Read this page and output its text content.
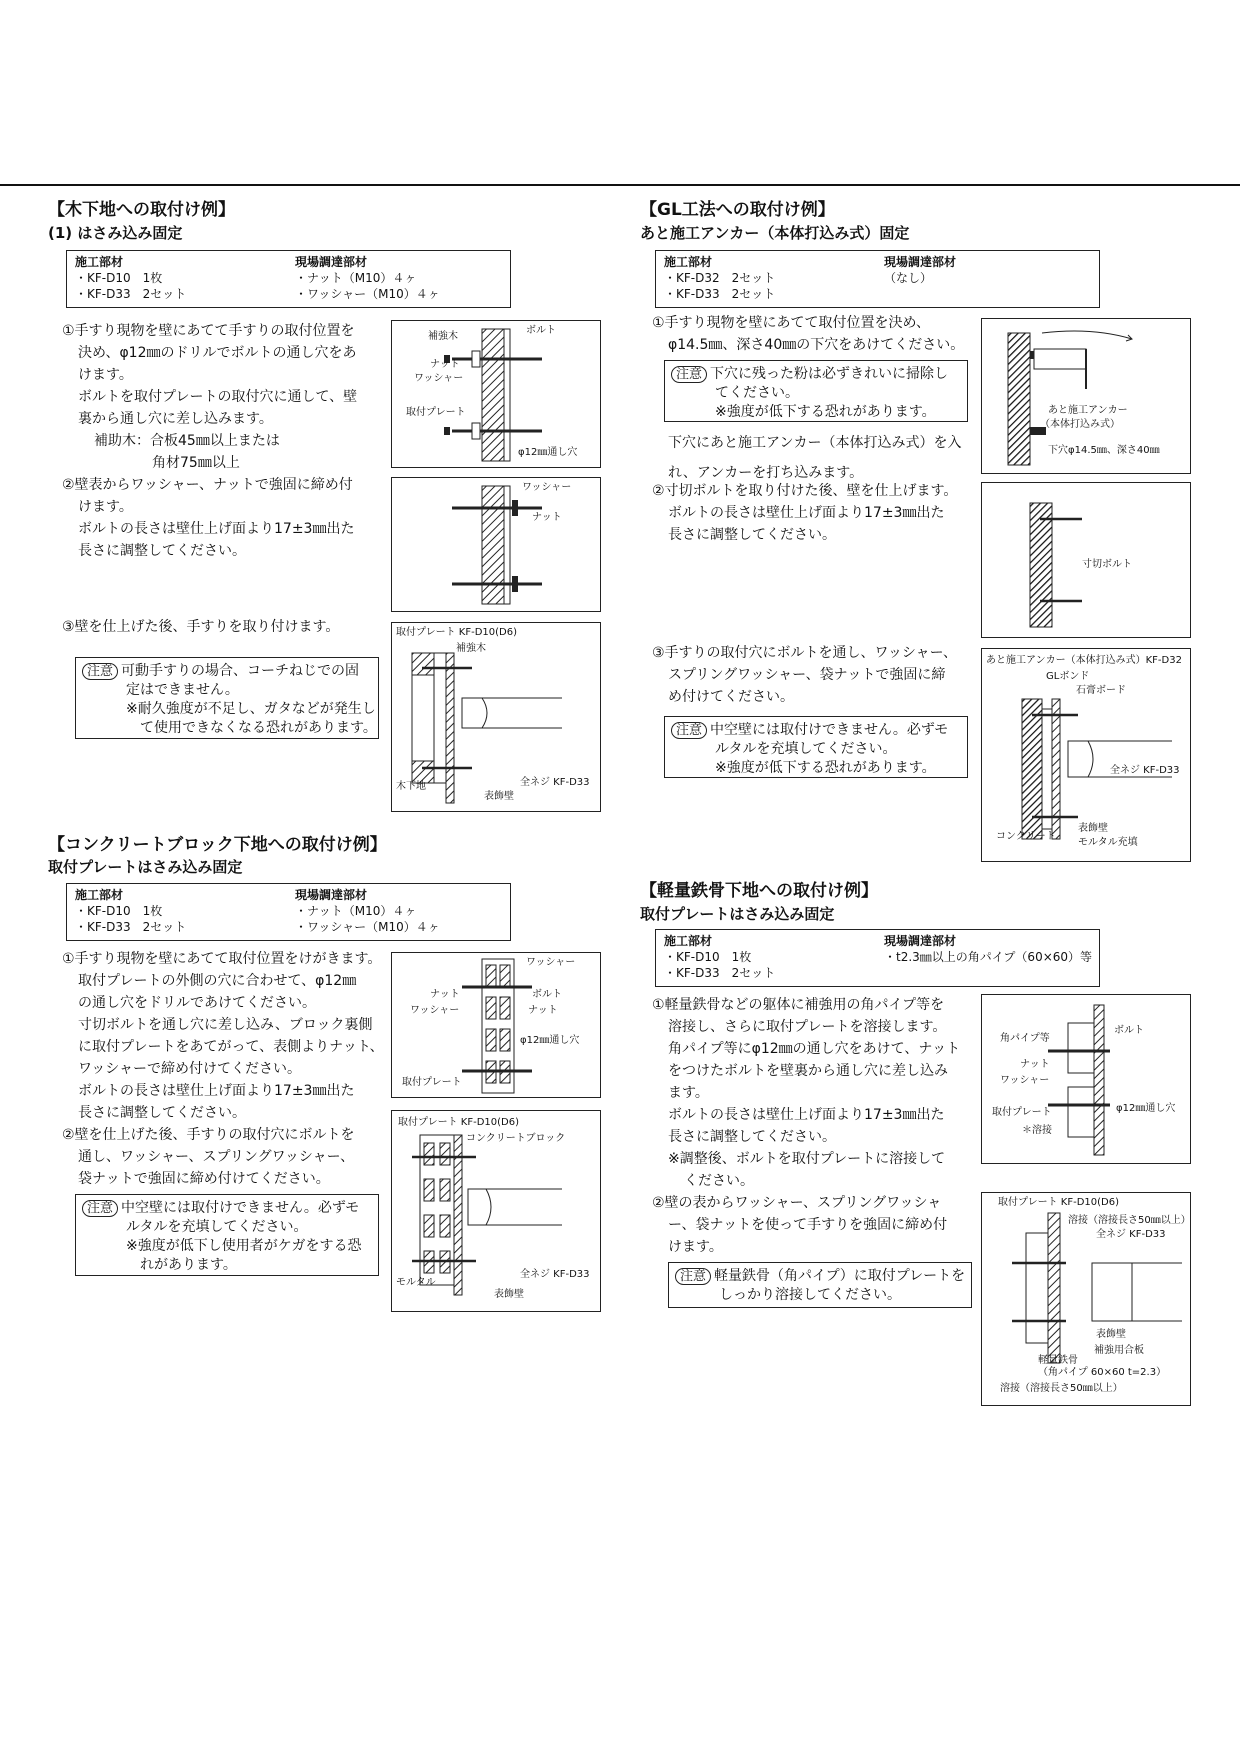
【木下地への取付け例】
(1) はさみ込み固定
施工部材
・KF-D10　1枚
・KF-D33　2セット
現場調達部材
・ナット（M10）４ヶ
・ワッシャー（M10）４ヶ

①手すり現物を壁にあてて手すりの取付位置を

決め、φ12㎜のドリルでボルトの通し穴をあ

けます。

ボルトを取付プレートの取付穴に通して、壁

裏から通し穴に差し込みます。

補助木：合板45㎜以上または

角材75㎜以上

②壁表からワッシャー、ナットで強固に締め付

けます。

ボルトの長さは壁仕上げ面より17±3㎜出た

長さに調整してください。

③壁を仕上げた後、手すりを取り付けます。

注意 可動手すりの場合、コーチねじでの固

定はできません。

※耐久強度が不足し、ガタなどが発生し

て使用できなくなる恐れがあります。

補強木
ボルト
ナット
ワッシャー
取付プレート
φ12㎜通し穴
ワッシャー
ナット
取付プレート KF-D10(D6)
補強木
全ネジ KF-D33
木下地
表飾壁
【GL工法への取付け例】
あと施工アンカー（本体打込み式）固定
施工部材
・KF-D32　2セット
・KF-D33　2セット
現場調達部材
（なし）

①手すり現物を壁にあてて取付位置を決め、

φ14.5㎜、深さ40㎜の下穴をあけてください。

注意 下穴に残った粉は必ずきれいに掃除し

てください。

※強度が低下する恐れがあります。

下穴にあと施工アンカー（本体打込み式）を入

れ、アンカーを打ち込みます。

②寸切ボルトを取り付けた後、壁を仕上げます。

ボルトの長さは壁仕上げ面より17±3㎜出た

長さに調整してください。

③手すりの取付穴にボルトを通し、ワッシャー、

スプリングワッシャー、袋ナットで強固に締

め付けてください。

注意 中空壁には取付けできません。必ずモ

ルタルを充填してください。

※強度が低下する恐れがあります。

あと施工アンカー
（本体打込み式）
下穴φ14.5㎜、深さ40㎜
寸切ボルト
あと施工アンカー（本体打込み式）KF-D32
GLボンド
石膏ボード
全ネジ KF-D33
表飾壁
コンクリート
モルタル充填
【コンクリートブロック下地への取付け例】
取付プレートはさみ込み固定
施工部材
・KF-D10　1枚
・KF-D33　2セット
現場調達部材
・ナット（M10）４ヶ
・ワッシャー（M10）４ヶ

①手すり現物を壁にあてて取付位置をけがきます。

取付プレートの外側の穴に合わせて、φ12㎜

の通し穴をドリルであけてください。

寸切ボルトを通し穴に差し込み、ブロック裏側

に取付プレートをあてがって、表側よりナット、

ワッシャーで締め付けてください。

ボルトの長さは壁仕上げ面より17±3㎜出た

長さに調整してください。

②壁を仕上げた後、手すりの取付穴にボルトを

通し、ワッシャー、スプリングワッシャー、

袋ナットで強固に締め付けてください。

注意 中空壁には取付けできません。必ずモ

ルタルを充填してください。

※強度が低下し使用者がケガをする恐

れがあります。

ワッシャー
ナット	ボルト
ナット
ワッシャー
φ12㎜通し穴
取付プレート
取付プレート KF-D10(D6)
コンクリートブロック
全ネジ KF-D33
モルタル
表飾壁
【軽量鉄骨下地への取付け例】
取付プレートはさみ込み固定
施工部材
・KF-D10　1枚
・KF-D33　2セット
現場調達部材
・t2.3㎜以上の角パイプ（60×60）等

①軽量鉄骨などの躯体に補強用の角パイプ等を

溶接し、さらに取付プレートを溶接します。

角パイプ等にφ12㎜の通し穴をあけて、ナット

をつけたボルトを壁裏から通し穴に差し込み

ます。

ボルトの長さは壁仕上げ面より17±3㎜出た

長さに調整してください。

※調整後、ボルトを取付プレートに溶接して

ください。

②壁の表からワッシャー、スプリングワッシャ

ー、袋ナットを使って手すりを強固に締め付

けます。

注意 軽量鉄骨（角パイプ）に取付プレートを

しっかり溶接してください。

角パイプ等
ボルト
ナット
ワッシャー
取付プレート
＊溶接
φ12㎜通し穴
取付プレート KF-D10(D6)
溶接（溶接長さ50㎜以上）
全ネジ KF-D33
表飾壁
補強用合板
軽量鉄骨
（角パイプ 60×60 t=2.3）
溶接（溶接長さ50㎜以上）
